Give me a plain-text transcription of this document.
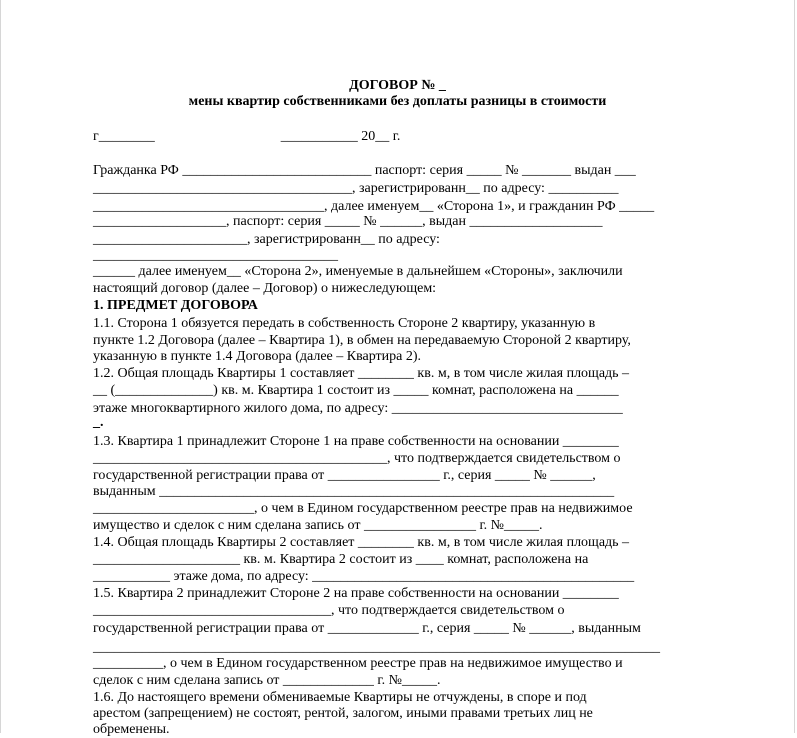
ДОГОВОР № _
мены квартир собственниками без доплаты разницы в стоимости
г________                                    ___________ 20__ г.
Гражданка РФ ___________________________ паспорт: серия _____ № _______ выдан ___
_____________________________________, зарегистрированн__ по адресу: __________
_________________________________, далее именуем__ «Сторона 1», и гражданин РФ _____
___________________, паспорт: серия _____ № ______, выдан ___________________
______________________, зарегистрированн__ по адресу:
___________________________________
______ далее именуем__ «Сторона 2», именуемые в дальнейшем «Стороны», заключили
настоящий договор (далее – Договор) о нижеследующем:
1. ПРЕДМЕТ ДОГОВОРА
1.1. Сторона 1 обязуется передать в собственность Стороне 2 квартиру, указанную в
пункте 1.2 Договора (далее – Квартира 1), в обмен на передаваемую Стороной 2 квартиру,
указанную в пункте 1.4 Договора (далее – Квартира 2).
1.2. Общая площадь Квартиры 1 составляет ________ кв. м, в том числе жилая площадь –
__ (______________) кв. м. Квартира 1 состоит из _____ комнат, расположена на ______
этаже многоквартирного жилого дома, по адресу: _________________________________
_.
1.3. Квартира 1 принадлежит Стороне 1 на праве собственности на основании ________
__________________________________________, что подтверждается свидетельством о
государственной регистрации права от ________________ г., серия _____ № ______,
выданным _________________________________________________________________
_______________________, о чем в Едином государственном реестре прав на недвижимое
имущество и сделок с ним сделана запись от ________________ г. №_____.
1.4. Общая площадь Квартиры 2 составляет ________ кв. м, в том числе жилая площадь –
_____________________ кв. м. Квартира 2 состоит из ____ комнат, расположена на
___________ этаже дома, по адресу: ______________________________________________
1.5. Квартира 2 принадлежит Стороне 2 на праве собственности на основании ________
__________________________________, что подтверждается свидетельством о
государственной регистрации права от _____________ г., серия _____ № ______, выданным
_________________________________________________________________________________
__________, о чем в Едином государственном реестре прав на недвижимое имущество и
сделок с ним сделана запись от _____________ г. №_____.
1.6. До настоящего времени обмениваемые Квартиры не отчуждены, в споре и под
арестом (запрещением) не состоят, рентой, залогом, иными правами третьих лиц не
обременены.
